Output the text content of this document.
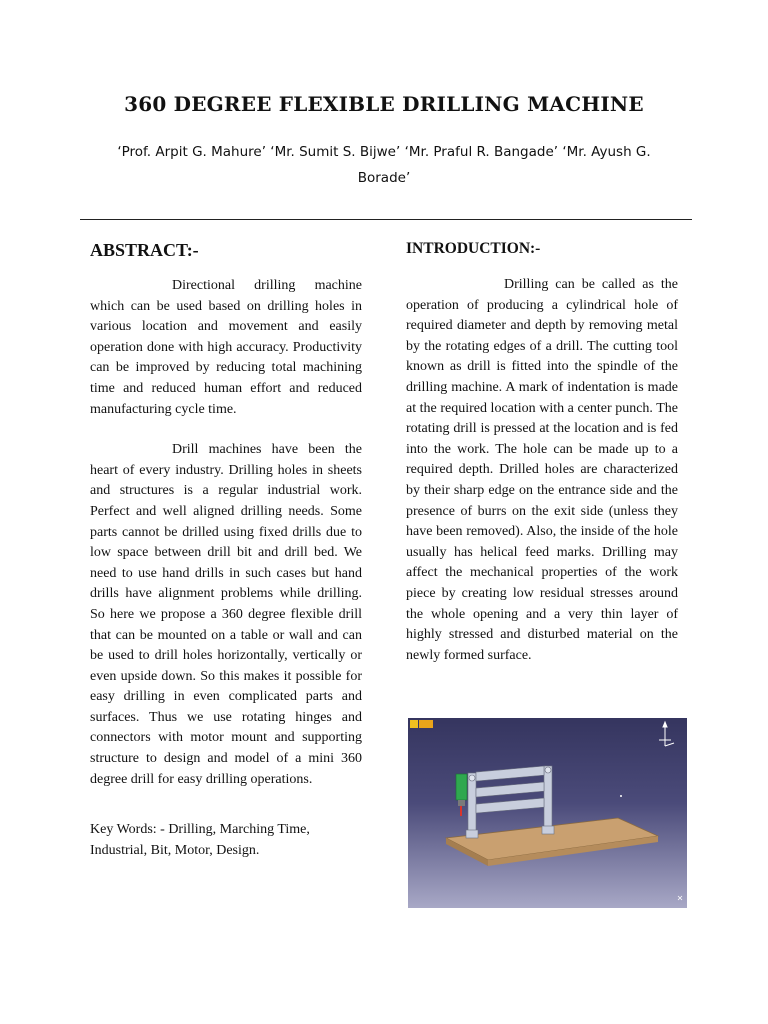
360 DEGREE FLEXIBLE DRILLING MACHINE

‘Prof. Arpit G. Mahure’ ‘Mr. Sumit S. Bijwe’ ‘Mr. Praful R. Bangade’ ‘Mr. Ayush G. Borade’

ABSTRACT:-

Directional drilling machine which can be used based on drilling holes in various location and movement and easily operation done with high accuracy. Productivity can be improved by reducing total machining time and reduced human effort and reduced manufacturing cycle time.

Drill machines have been the heart of every industry. Drilling holes in sheets and structures is a regular industrial work. Perfect and well aligned drilling needs. Some parts cannot be drilled using fixed drills due to low space between drill bit and drill bed. We need to use hand drills in such cases but hand drills have alignment problems while drilling. So here we propose a 360 degree flexible drill that can be mounted on a table or wall and can be used to drill holes horizontally, vertically or even upside down. So this makes it possible for easy drilling in even complicated parts and surfaces. Thus we use rotating hinges and connectors with motor mount and supporting structure to design and model of a mini 360 degree drill for easy drilling operations.

Key Words: - Drilling, Marching Time, Industrial, Bit, Motor, Design.

INTRODUCTION:-

Drilling can be called as the operation of producing a cylindrical hole of required diameter and depth by removing metal by the rotating edges of a drill. The cutting tool known as drill is fitted into the spindle of the drilling machine. A mark of indentation is made at the required location with a center punch. The rotating drill is pressed at the location and is fed into the work. The hole can be made up to a required depth. Drilled holes are characterized by their sharp edge on the entrance side and the presence of burrs on the exit side (unless they have been removed). Also, the inside of the hole usually has helical feed marks. Drilling may affect the mechanical properties of the work piece by creating low residual stresses around the whole opening and a very thin layer of highly stressed and disturbed material on the newly formed surface.
